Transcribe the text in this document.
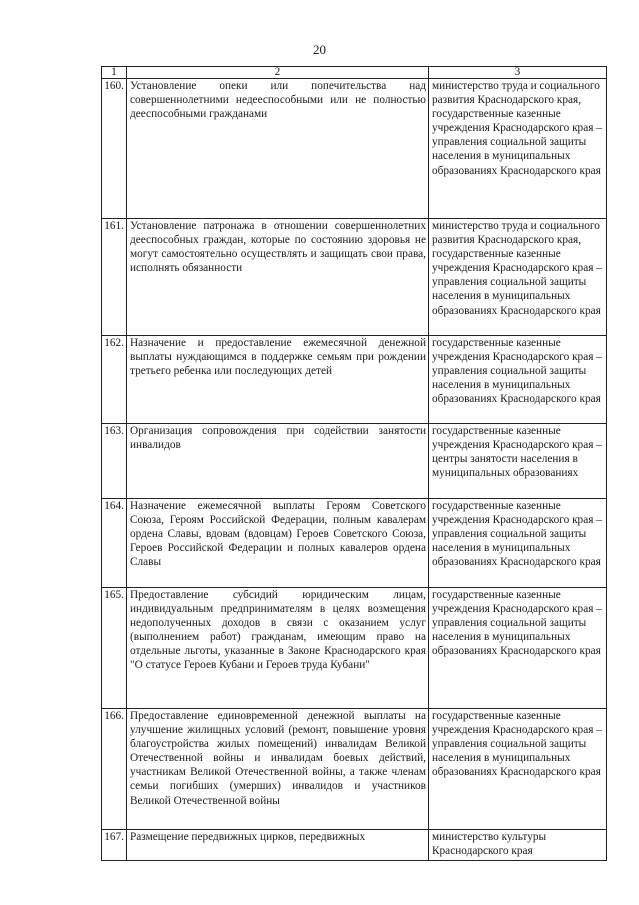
20
1	2	3
160.	Установление опеки или попечительства над совершеннолетними недееспособными или не полностью дееспособными гражданами	министерство труда и социального развития Краснодарского края, государственные казенные учреждения Краснодарского края – управления социальной защиты населения в муниципальных образованиях Краснодарского края
161.	Установление патронажа в отношении совершеннолетних дееспособных граждан, которые по состоянию здоровья не могут самостоятельно осуществлять и защищать свои права, исполнять обязанности	министерство труда и социального развития Краснодарского края, государственные казенные учреждения Краснодарского края – управления социальной защиты населения в муниципальных образованиях Краснодарского края
162.	Назначение и предоставление ежемесячной денежной выплаты нуждающимся в поддержке семьям при рождении третьего ребенка или последующих детей	государственные казенные учреждения Краснодарского края – управления социальной защиты населения в муниципальных образованиях Краснодарского края
163.	Организация сопровождения при содействии занятости инвалидов	государственные казенные учреждения Краснодарского края – центры занятости населения в муниципальных образованиях
164.	Назначение ежемесячной выплаты Героям Советского Союза, Героям Российской Федерации, полным кавалерам ордена Славы, вдовам (вдовцам) Героев Советского Союза, Героев Российской Федерации и полных кавалеров ордена Славы	государственные казенные учреждения Краснодарского края – управления социальной защиты населения в муниципальных образованиях Краснодарского края
165.	Предоставление субсидий юридическим лицам, индивидуальным предпринимателям в целях возмещения недополученных доходов в связи с оказанием услуг (выполнением работ) гражданам, имеющим право на отдельные льготы, указанные в Законе Краснодарского края "О статусе Героев Кубани и Героев труда Кубани"	государственные казенные учреждения Краснодарского края – управления социальной защиты населения в муниципальных образованиях Краснодарского края
166.	Предоставление единовременной денежной выплаты на улучшение жилищных условий (ремонт, повышение уровня благоустройства жилых помещений) инвалидам Великой Отечественной войны и инвалидам боевых действий, участникам Великой Отечественной войны, а также членам семьи погибших (умерших) инвалидов и участников Великой Отечественной войны	государственные казенные учреждения Краснодарского края – управления социальной защиты населения в муниципальных образованиях Краснодарского края
167.	Размещение передвижных цирков, передвижных	министерство культуры Краснодарского края
